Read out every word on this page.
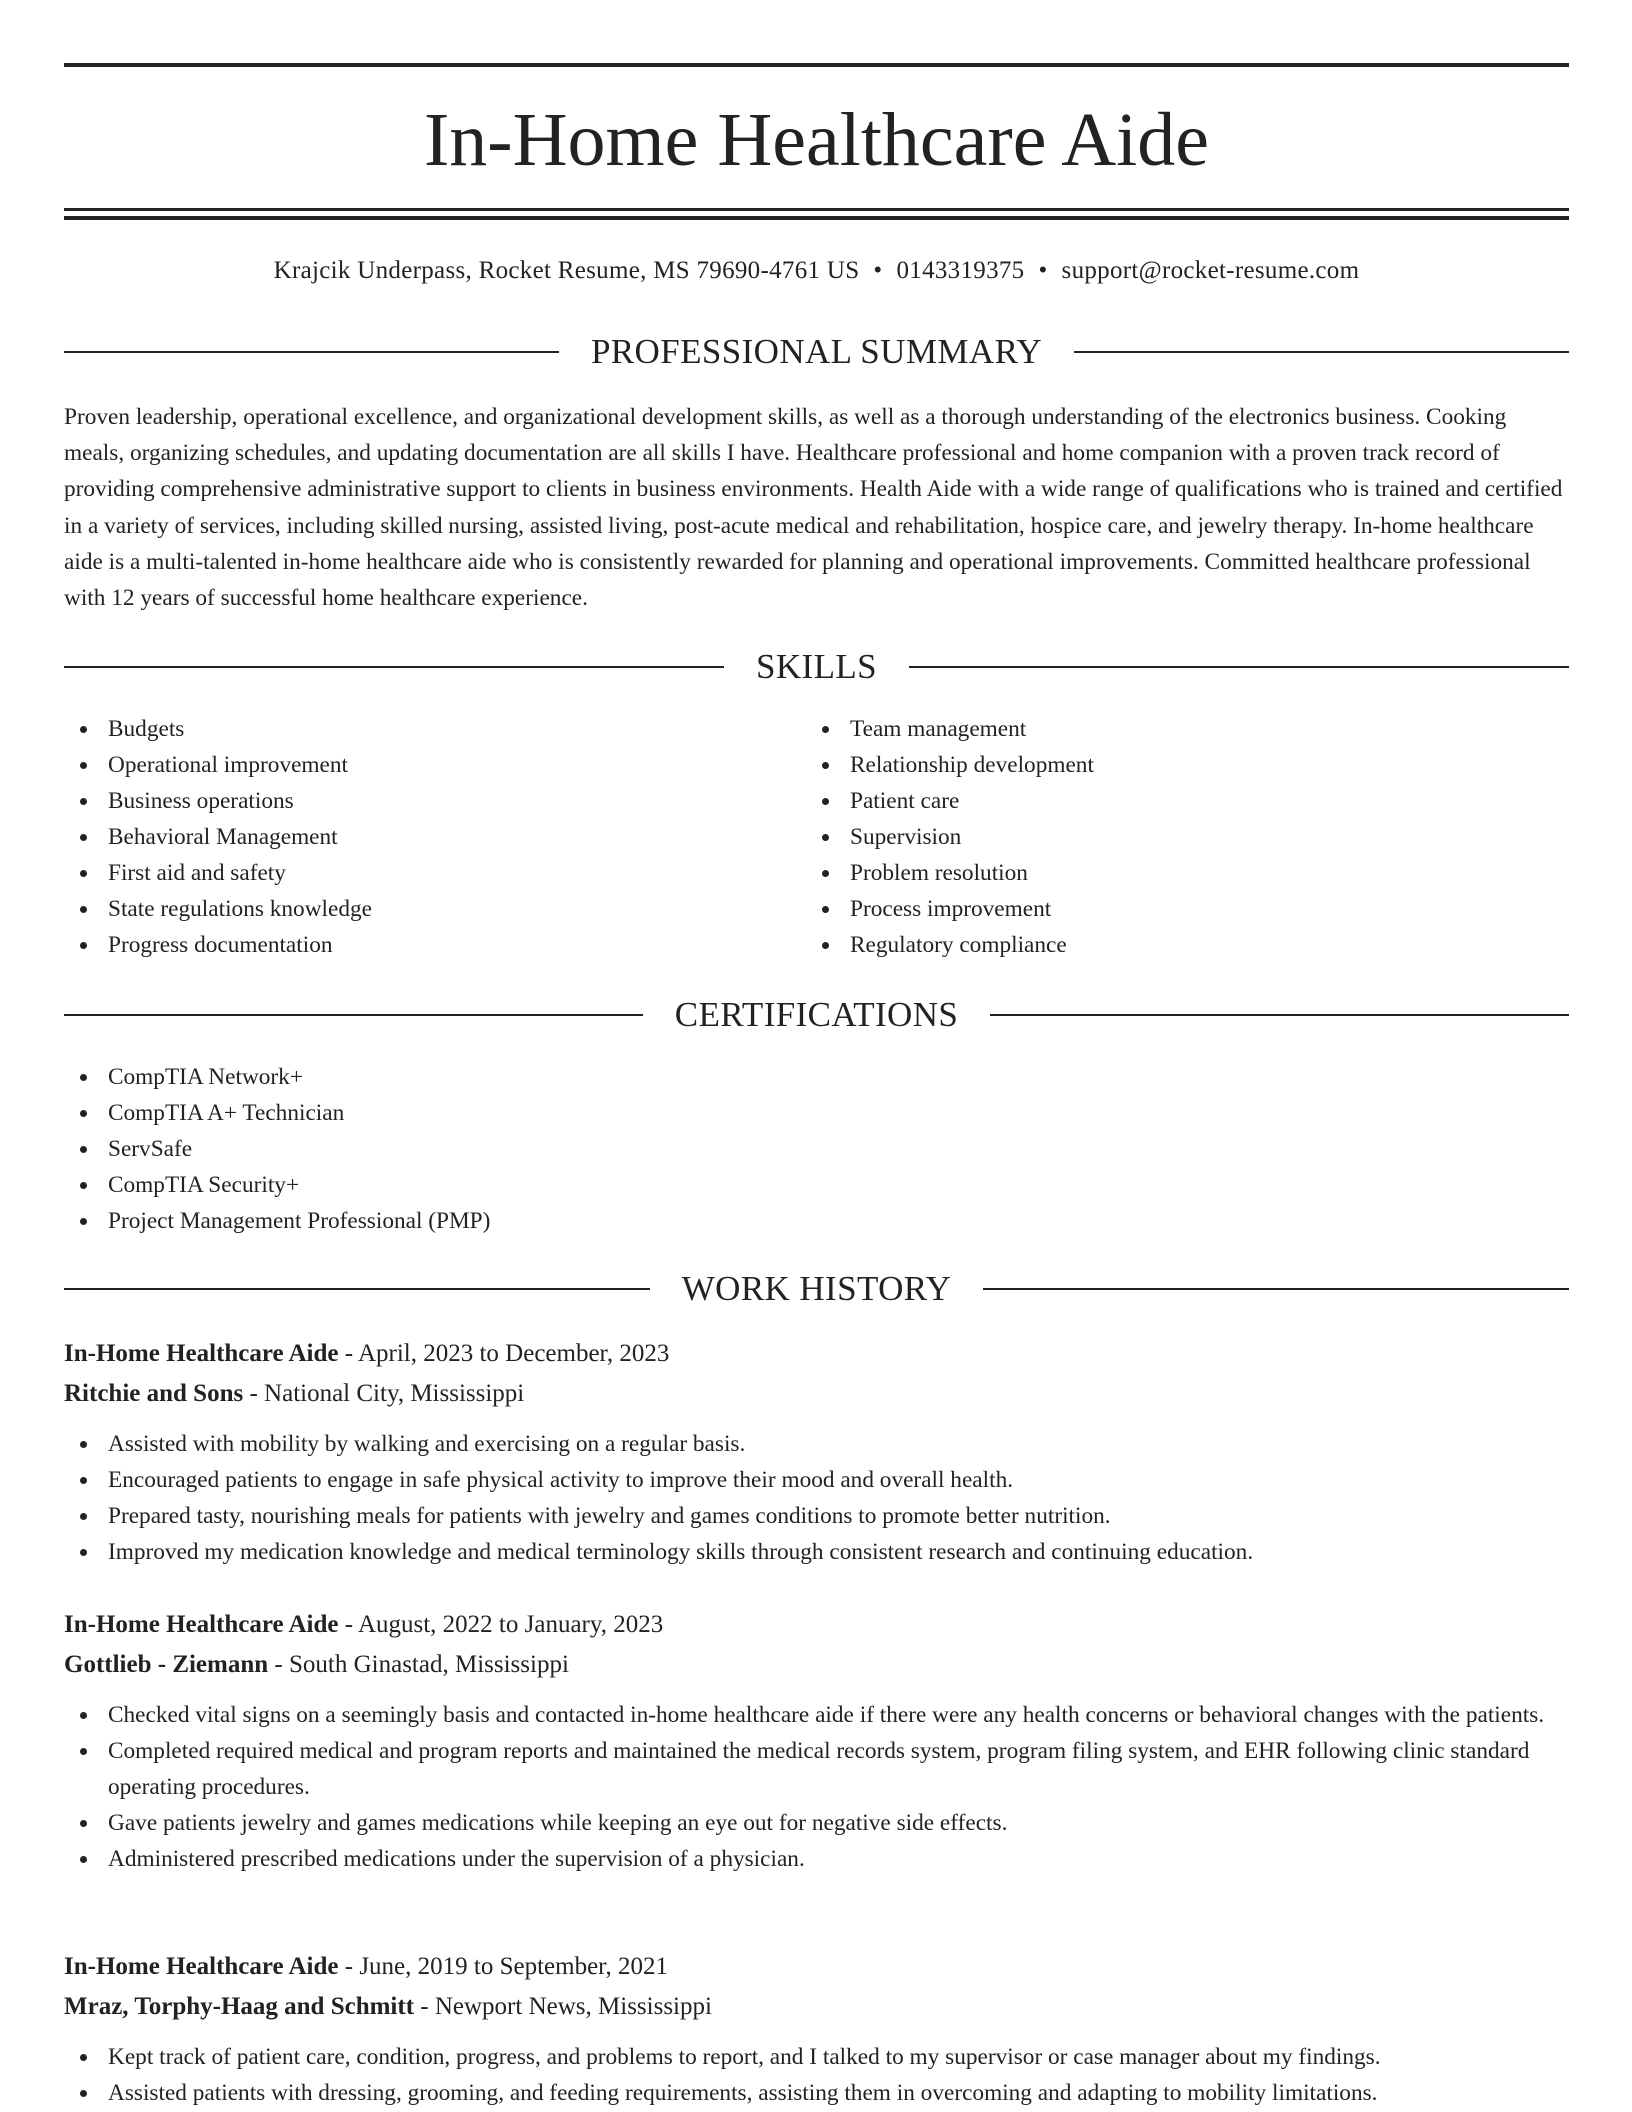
In-Home Healthcare Aide
Krajcik Underpass, Rocket Resume, MS 79690-4761 US • 0143319375 • support@rocket-resume.com
PROFESSIONAL SUMMARY

Proven leadership, operational excellence, and organizational development skills, as well as a thorough understanding of the electronics business. Cooking meals, organizing schedules, and updating documentation are all skills I have. Healthcare professional and home companion with a proven track record of providing comprehensive administrative support to clients in business environments. Health Aide with a wide range of qualifications who is trained and certified in a variety of services, including skilled nursing, assisted living, post-acute medical and rehabilitation, hospice care, and jewelry therapy. In-home healthcare aide is a multi-talented in-home healthcare aide who is consistently rewarded for planning and operational improvements. Committed healthcare professional with 12 years of successful home healthcare experience.

SKILLS
Budgets
Operational improvement
Business operations
Behavioral Management
First aid and safety
State regulations knowledge
Progress documentation
Team management
Relationship development
Patient care
Supervision
Problem resolution
Process improvement
Regulatory compliance
CERTIFICATIONS
CompTIA Network+
CompTIA A+ Technician
ServSafe
CompTIA Security+
Project Management Professional (PMP)
WORK HISTORY
In-Home Healthcare Aide - April, 2023 to December, 2023
Ritchie and Sons - National City, Mississippi
Assisted with mobility by walking and exercising on a regular basis.
Encouraged patients to engage in safe physical activity to improve their mood and overall health.
Prepared tasty, nourishing meals for patients with jewelry and games conditions to promote better nutrition.
Improved my medication knowledge and medical terminology skills through consistent research and continuing education.
In-Home Healthcare Aide - August, 2022 to January, 2023
Gottlieb - Ziemann - South Ginastad, Mississippi
Checked vital signs on a seemingly basis and contacted in-home healthcare aide if there were any health concerns or behavioral changes with the patients.
Completed required medical and program reports and maintained the medical records system, program filing system, and EHR following clinic standard operating procedures.
Gave patients jewelry and games medications while keeping an eye out for negative side effects.
Administered prescribed medications under the supervision of a physician.
In-Home Healthcare Aide - June, 2019 to September, 2021
Mraz, Torphy-Haag and Schmitt - Newport News, Mississippi
Kept track of patient care, condition, progress, and problems to report, and I talked to my supervisor or case manager about my findings.
Assisted patients with dressing, grooming, and feeding requirements, assisting them in overcoming and adapting to mobility limitations.
